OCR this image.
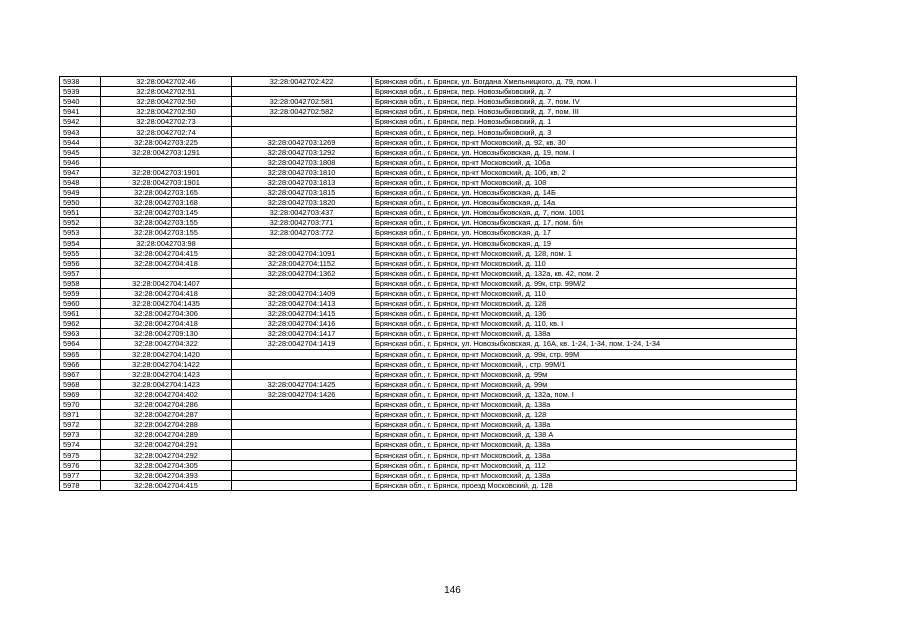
5938	32:28:0042702:46	32:28:0042702:422	Брянская обл., г. Брянск, ул. Богдана Хмельницкого, д. 79, пом. I
5939	32:28:0042702:51		Брянская обл., г. Брянск, пер. Новозыбковский, д. 7
5940	32:28:0042702:50	32:28:0042702:581	Брянская обл., г. Брянск, пер. Новозыбковский, д. 7, пом. IV
5941	32:28:0042702:50	32:28:0042702:582	Брянская обл., г. Брянск, пер. Новозыбковский, д. 7, пом. III
5942	32:28:0042702:73		Брянская обл., г. Брянск, пер. Новозыбковский, д. 1
5943	32:28:0042702:74		Брянская обл., г. Брянск, пер. Новозыбковский, д. 3
5944	32:28:0042703:225	32:28:0042703:1269	Брянская обл., г. Брянск, пр-кт Московский, д. 92, кв. 30
5945	32:28:0042703:1291	32:28:0042703:1292	Брянская обл., г. Брянск, ул. Новозыбковская, д. 19, пом. I
5946		32:28:0042703:1808	Брянская обл., г. Брянск, пр-кт Московский, д. 106а
5947	32:28:0042703:1901	32:28:0042703:1810	Брянская обл., г. Брянск, пр-кт Московский, д. 106, кв. 2
5948	32:28:0042703:1901	32:28:0042703:1813	Брянская обл., г. Брянск, пр-кт Московский, д. 108
5949	32:28:0042703:165	32:28:0042703:1815	Брянская обл., г. Брянск, ул. Новозыбковская, д. 14Б
5950	32:28:0042703:168	32:28:0042703:1820	Брянская обл., г. Брянск, ул. Новозыбковская, д. 14а
5951	32:28:0042703:145	32:28:0042703:437	Брянская обл., г. Брянск, ул. Новозыбковская, д. 7, пом. 1001
5952	32:28:0042703:155	32:28:0042703:771	Брянская обл., г. Брянск, ул. Новозыбковская, д. 17, пом. б/н
5953	32:28:0042703:155	32:28:0042703:772	Брянская обл., г. Брянск, ул. Новозыбковская, д. 17
5954	32:28:0042703:98		Брянская обл., г. Брянск, ул. Новозыбковская, д. 19
5955	32:28:0042704:415	32:28:0042704:1091	Брянская обл., г. Брянск, пр-кт Московский, д. 128, пом. 1
5956	32:28:0042704:418	32:28:0042704:1152	Брянская обл., г. Брянск, пр-кт Московский, д. 110
5957		32:28:0042704:1362	Брянская обл., г. Брянск, пр-кт Московский, д. 132а, кв. 42, пом. 2
5958	32:28:0042704:1407		Брянская обл., г. Брянск, пр-кт Московский, д. 99к, стр. 99М/2
5959	32:28:0042704:418	32:28:0042704:1409	Брянская обл., г. Брянск, пр-кт Московский, д. 110
5960	32:28:0042704:1435	32:28:0042704:1413	Брянская обл., г. Брянск, пр-кт Московский, д. 128
5961	32:28:0042704:306	32:28:0042704:1415	Брянская обл., г. Брянск, пр-кт Московский, д. 136
5962	32:28:0042704:418	32:28:0042704:1416	Брянская обл., г. Брянск, пр-кт Московский, д. 110, кв. I
5963	32:28:0042709:130	32:28:0042704:1417	Брянская обл., г. Брянск, пр-кт Московский, д. 138а
5964	32:28:0042704:322	32:28:0042704:1419	Брянская обл., г. Брянск, ул. Новозыбковская, д. 16А, кв. 1-24, 1-34, пом. 1-24, 1-34
5965	32:28:0042704:1420		Брянская обл., г. Брянск, пр-кт Московский, д. 99к, стр. 99М
5966	32:28:0042704:1422		Брянская обл., г. Брянск, пр-кт Московский, , стр. 99М/1
5967	32:28:0042704:1423		Брянская обл., г. Брянск, пр-кт Московский, д. 99м
5968	32:28:0042704:1423	32:28:0042704:1425	Брянская обл., г. Брянск, пр-кт Московский, д. 99м
5969	32:28:0042704:402	32:28:0042704:1426	Брянская обл., г. Брянск, пр-кт Московский, д. 132а, пом. I
5970	32:28:0042704:286		Брянская обл., г. Брянск, пр-кт Московский, д. 138а
5971	32:28:0042704:287		Брянская обл., г. Брянск, пр-кт Московский, д. 128
5972	32:28:0042704:288		Брянская обл., г. Брянск, пр-кт Московский, д. 138а
5973	32:28:0042704:289		Брянская обл., г. Брянск, пр-кт Московский, д. 138 А
5974	32:28:0042704:291		Брянская обл., г. Брянск, пр-кт Московский, д. 138а
5975	32:28:0042704:292		Брянская обл., г. Брянск, пр-кт Московский, д. 138а
5976	32:28:0042704:305		Брянская обл., г. Брянск, пр-кт Московский, д. 112
5977	32:28:0042704:393		Брянская обл., г. Брянск, пр-кт Московский, д. 138а
5978	32:28:0042704:415		Брянская обл., г. Брянск, проезд Московский, д. 128
146
